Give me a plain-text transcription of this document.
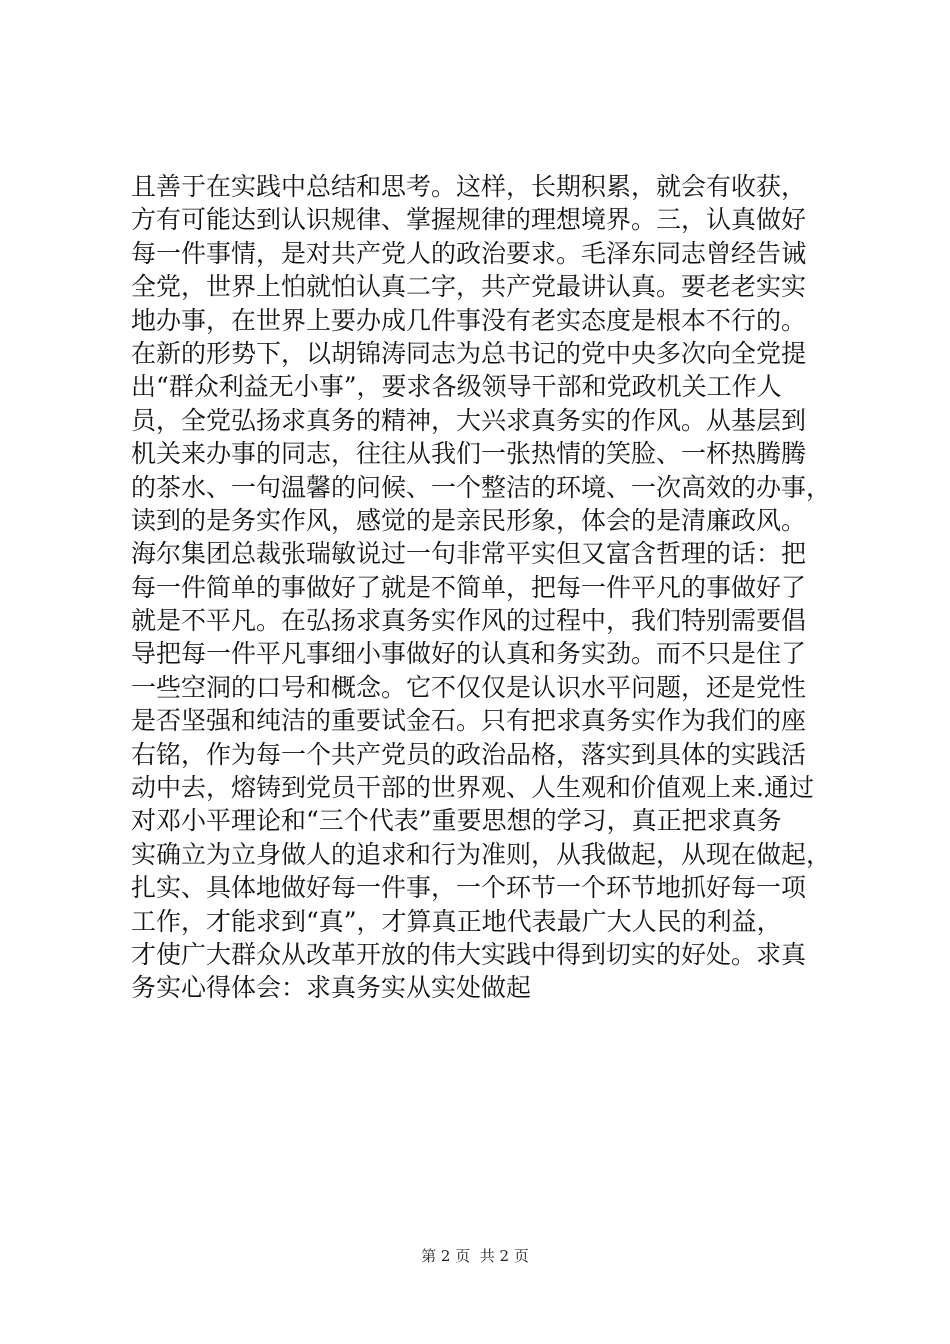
且善于在实践中总结和思考。这样，长期积累，就会有收获，
方有可能达到认识规律、掌握规律的理想境界。三，认真做好
每一件事情，是对共产党人的政治要求。毛泽东同志曾经告诫
全党，世界上怕就怕认真二字，共产党最讲认真。要老老实实
地办事，在世界上要办成几件事没有老实态度是根本不行的。
在新的形势下，以胡锦涛同志为总书记的党中央多次向全党提
出“群众利益无小事”，要求各级领导干部和党政机关工作人
员，全党弘扬求真务的精神，大兴求真务实的作风。从基层到
机关来办事的同志，往往从我们一张热情的笑脸、一杯热腾腾
的茶水、一句温馨的问候、一个整洁的环境、一次高效的办事，
读到的是务实作风，感觉的是亲民形象，体会的是清廉政风。
海尔集团总裁张瑞敏说过一句非常平实但又富含哲理的话：把
每一件简单的事做好了就是不简单，把每一件平凡的事做好了
就是不平凡。在弘扬求真务实作风的过程中，我们特别需要倡
导把每一件平凡事细小事做好的认真和务实劲。而不只是住了
一些空洞的口号和概念。它不仅仅是认识水平问题，还是党性
是否坚强和纯洁的重要试金石。只有把求真务实作为我们的座
右铭，作为每一个共产党员的政治品格，落实到具体的实践活
动中去，熔铸到党员干部的世界观、人生观和价值观上来.通过
对邓小平理论和“三个代表”重要思想的学习，真正把求真务
实确立为立身做人的追求和行为准则，从我做起，从现在做起，
扎实、具体地做好每一件事，一个环节一个环节地抓好每一项
工作，才能求到“真”，才算真正地代表最广大人民的利益，
才使广大群众从改革开放的伟大实践中得到切实的好处。求真
务实心得体会：求真务实从实处做起
第 2 页  共 2 页
